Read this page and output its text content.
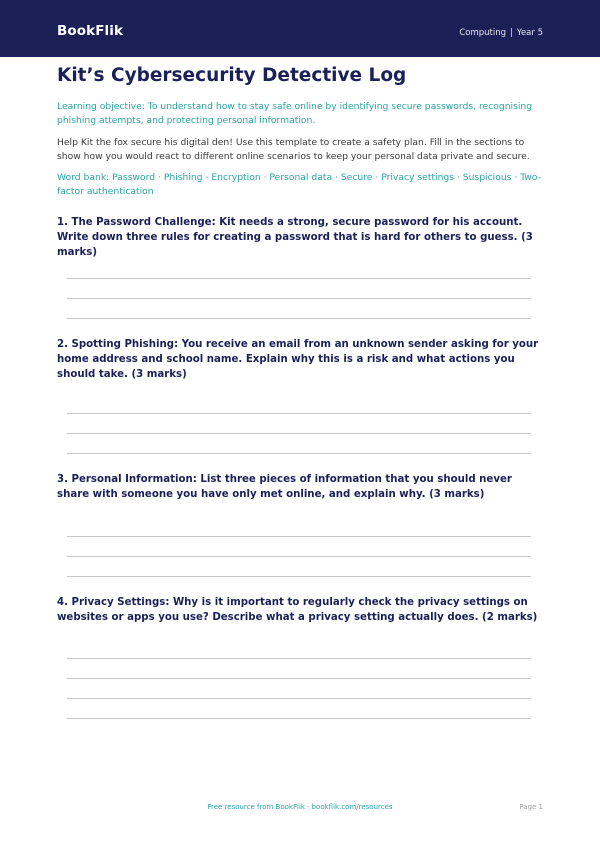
BookFlik	Computing | Year 5
Kit’s Cybersecurity Detective Log
Learning objective: To understand how to stay safe online by identifying secure passwords, recognising phishing attempts, and protecting personal information.
Help Kit the fox secure his digital den! Use this template to create a safety plan. Fill in the sections to show how you would react to different online scenarios to keep your personal data private and secure.
Word bank: Password · Phishing · Encryption · Personal data · Secure · Privacy settings · Suspicious · Two-factor authentication
1. The Password Challenge: Kit needs a strong, secure password for his account. Write down three rules for creating a password that is hard for others to guess. (3 marks)
2. Spotting Phishing: You receive an email from an unknown sender asking for your home address and school name. Explain why this is a risk and what actions you should take. (3 marks)
3. Personal Information: List three pieces of information that you should never share with someone you have only met online, and explain why. (3 marks)
4. Privacy Settings: Why is it important to regularly check the privacy settings on websites or apps you use? Describe what a privacy setting actually does. (2 marks)
Free resource from BookFlik · bookflik.com/resources	Page 1
